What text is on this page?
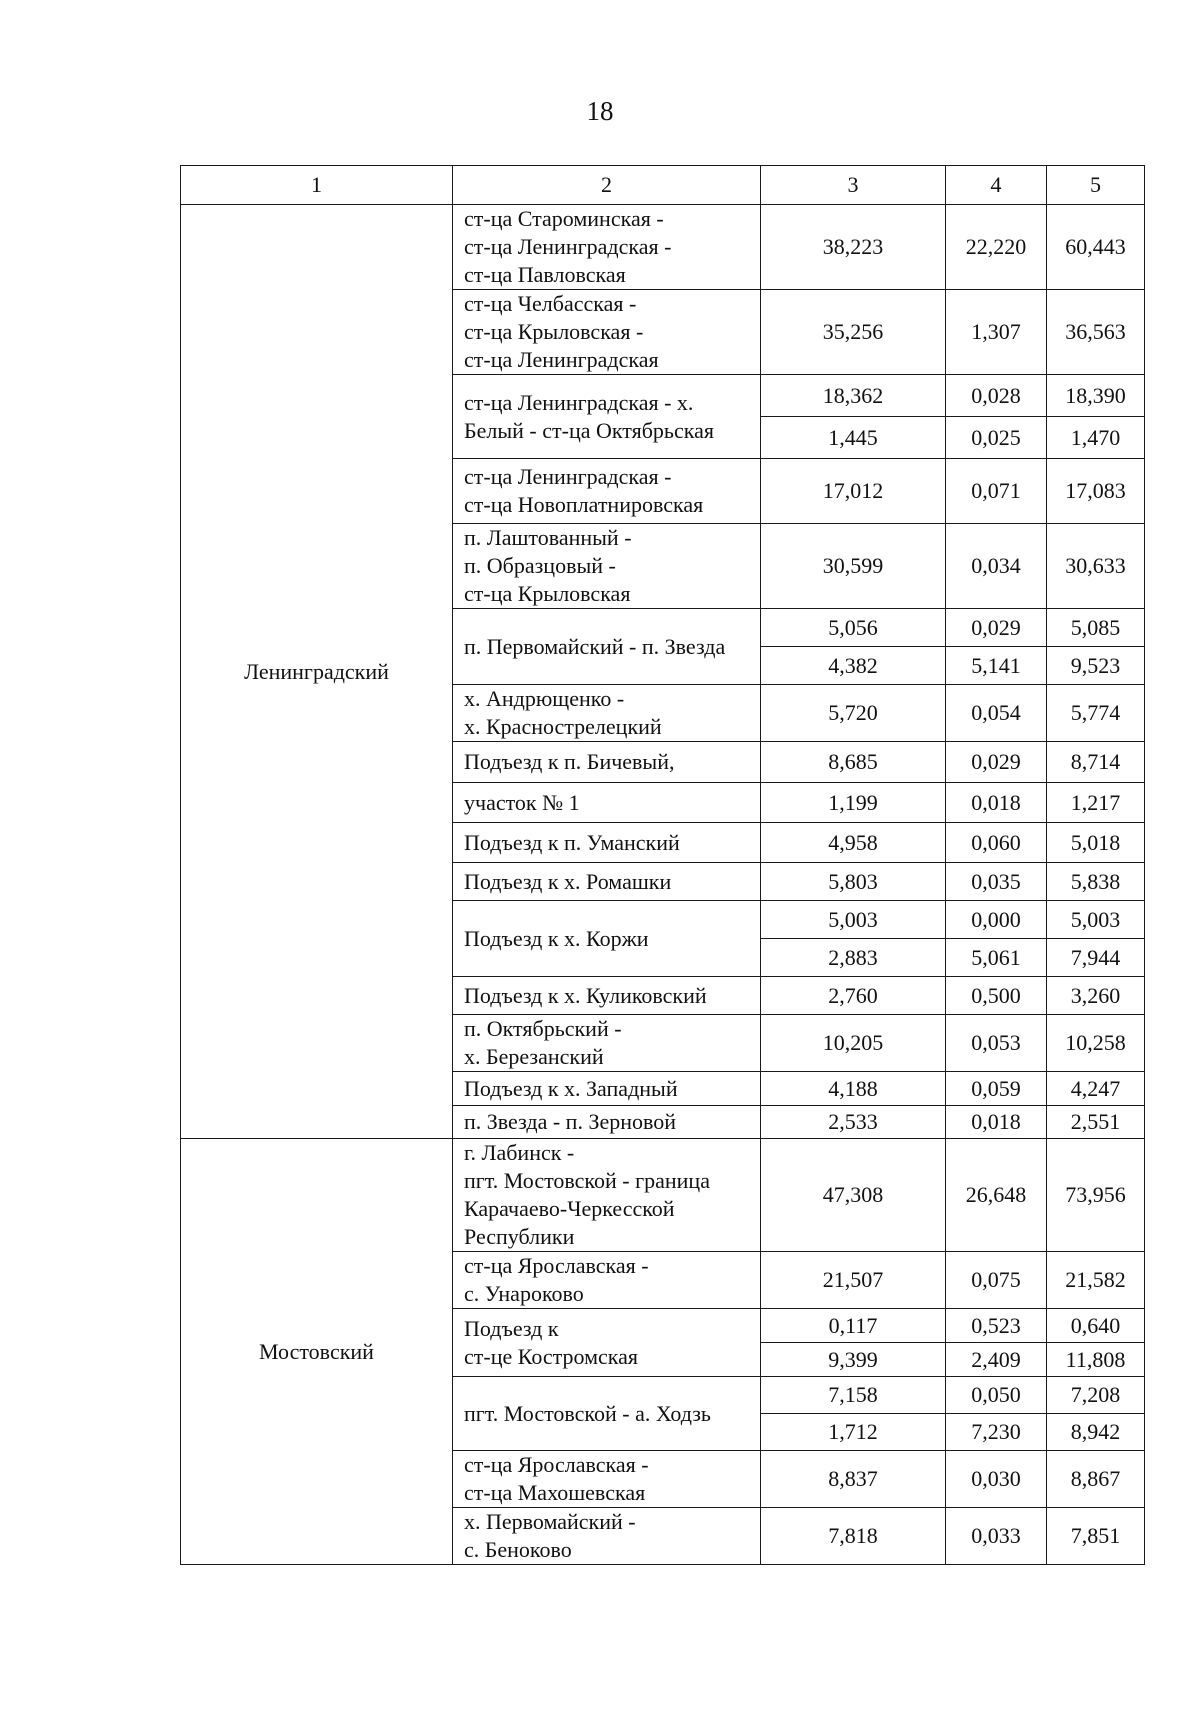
18
1	2	3	4	5
Ленинградский	ст-ца Староминская -
ст-ца Ленинградская -
ст-ца Павловская	38,223	22,220	60,443
	ст-ца Челбасская -
ст-ца Крыловская -
ст-ца Ленинградская	35,256	1,307	36,563
	ст-ца Ленинградская - х.
Белый - ст-ца Октябрьская	18,362	0,028	18,390
		1,445	0,025	1,470
	ст-ца Ленинградская -
ст-ца Новоплатнировская	17,012	0,071	17,083
	п. Лаштованный -
п. Образцовый -
ст-ца Крыловская	30,599	0,034	30,633
	п. Первомайский - п. Звезда	5,056	0,029	5,085
		4,382	5,141	9,523
	х. Андрющенко -
х. Краснострелецкий	5,720	0,054	5,774
	Подъезд к п. Бичевый,	8,685	0,029	8,714
	участок № 1	1,199	0,018	1,217
	Подъезд к п. Уманский	4,958	0,060	5,018
	Подъезд к х. Ромашки	5,803	0,035	5,838
	Подъезд к х. Коржи	5,003	0,000	5,003
		2,883	5,061	7,944
	Подъезд к х. Куликовский	2,760	0,500	3,260
	п. Октябрьский -
х. Березанский	10,205	0,053	10,258
	Подъезд к х. Западный	4,188	0,059	4,247
	п. Звезда - п. Зерновой	2,533	0,018	2,551
Мостовский	г. Лабинск -
пгт. Мостовской - граница
Карачаево-Черкесской
Республики	47,308	26,648	73,956
	ст-ца Ярославская -
с. Унароково	21,507	0,075	21,582
	Подъезд к
ст-це Костромская	0,117	0,523	0,640
		9,399	2,409	11,808
	пгт. Мостовской - а. Ходзь	7,158	0,050	7,208
		1,712	7,230	8,942
	ст-ца Ярославская -
ст-ца Махошевская	8,837	0,030	8,867
	х. Первомайский -
с. Беноково	7,818	0,033	7,851
